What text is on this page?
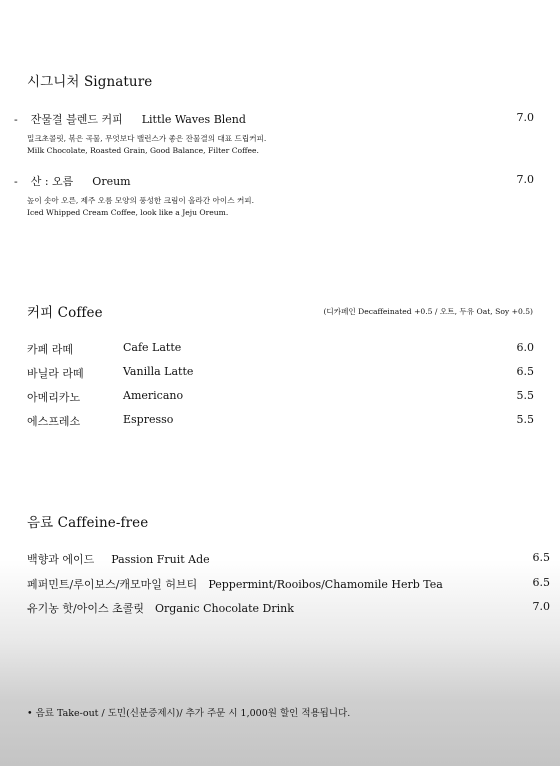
시그니처 Signature
- 잔물결 블렌드 커피 Little Waves Blend	7.0
밀크초콜릿, 볶은 곡물, 무엇보다 밸런스가 좋은 잔물결의 대표 드립커피.
Milk Chocolate, Roasted Grain, Good Balance, Filter Coffee.
- 산 : 오름 Oreum	7.0
높이 솟아 오른, 제주 오름 모양의 풍성한 크림이 올라간 아이스 커피.
Iced Whipped Cream Coffee, look like a Jeju Oreum.
커피 Coffee	(디카페인 Decaffeinated +0.5 / 오트, 두유 Oat, Soy +0.5)
카페 라떼	Cafe Latte	6.0
바닐라 라떼	Vanilla Latte	6.5
아메리카노	Americano	5.5
에스프레소	Espresso	5.5
음료 Caffeine-free
백향과 에이드 Passion Fruit Ade	6.5
페퍼민트/루이보스/캐모마일 허브티 Peppermint/Rooibos/Chamomile Herb Tea	6.5
유기농 핫/아이스 초콜릿 Organic Chocolate Drink	7.0
• 음료 Take-out / 도민(신분증제시)/ 추가 주문 시 1,000원 할인 적용됩니다.
